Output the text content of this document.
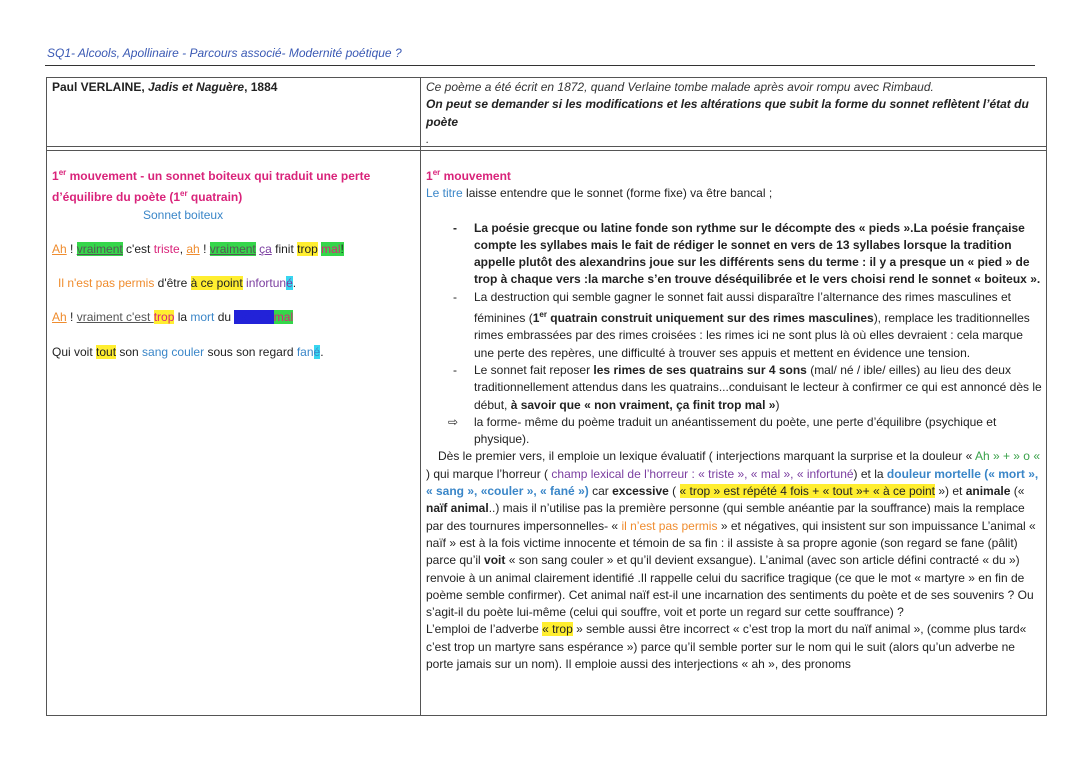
SQ1- Alcools, Apollinaire - Parcours associé- Modernité poétique ?
Paul VERLAINE, Jadis et Naguère, 1884	Ce poème a été écrit en 1872, quand Verlaine tombe malade après avoir rompu avec Rimbaud.
On peut se demander si les modifications et les altérations que subit la forme du sonnet reflètent l’état du poète
.
1er mouvement - un sonnet boiteux qui traduit une perte d’équilibre du poète (1er quatrain)
Sonnet boiteux

Ah ! vraiment c'est triste, ah ! vraiment ça finit trop mal!

Il n'est pas permis d'être à ce point infortuné.

Ah ! vraiment c'est trop la mort du naïf animal

Qui voit tout son sang couler sous son regard fané.

1er mouvement
Le titre laisse entendre que le sonnet (forme fixe) va être bancal ;
- La poésie grecque ou latine fonde son rythme sur le décompte des « pieds ».La poésie française compte les syllabes mais le fait de rédiger le sonnet en vers de 13 syllabes lorsque la tradition appelle plutôt des alexandrins joue sur les différents sens du terme : il y a presque un « pied » de trop à chaque vers :la marche s’en trouve déséquilibrée et le vers choisi rend le sonnet « boiteux ».
- La destruction qui semble gagner le sonnet fait aussi disparaître l’alternance des rimes masculines et féminines (1er quatrain construit uniquement sur des rimes masculines), remplace les traditionnelles rimes embrassées par des rimes croisées : les rimes ici ne sont plus là où elles devraient : cela marque une perte des repères, une difficulté à trouver ses appuis et mettent en évidence une tension.
- Le sonnet fait reposer les rimes de ses quatrains sur 4 sons (mal/ né / ible/ eilles) au lieu des deux traditionnellement attendus dans les quatrains...conduisant le lecteur à confirmer ce qui est annoncé dès le début, à savoir que « non vraiment, ça finit trop mal »)
⇨ la forme- même du poème traduit un anéantissement du poète, une perte d’équilibre (psychique et physique).
Dès le premier vers, il emploie un lexique évaluatif ( interjections marquant la surprise et la douleur « Ah » + » o « ) qui marque l’horreur ( champ lexical de l’horreur : « triste », « mal », « infortuné) et la douleur mortelle (« mort », « sang », «couler », « fané ») car excessive ( « trop » est répété 4 fois + « tout »+ « à ce point ») et animale (« naïf animal..) mais il n’utilise pas la première personne (qui semble anéantie par la souffrance) mais la remplace par des tournures impersonnelles- « il n’est pas permis » et négatives, qui insistent sur son impuissance L’animal « naïf » est à la fois victime innocente et témoin de sa fin : il assiste à sa propre agonie (son regard se fane (pâlit) parce qu’il voit « son sang couler » et qu’il devient exsangue). L’animal (avec son article défini contracté « du ») renvoie à un animal clairement identifié .Il rappelle celui du sacrifice tragique (ce que le mot « martyre » en fin de poème semble confirmer). Cet animal naïf est-il une incarnation des sentiments du poète et de ses souvenirs ? Ou s’agit-il du poète lui-même (celui qui souffre, voit et porte un regard sur cette souffrance) ?
L’emploi de l’adverbe « trop » semble aussi être incorrect « c’est trop la mort du naïf animal », (comme plus tard« c’est trop un martyre sans espérance ») parce qu’il semble porter sur le nom qui le suit (alors qu’un adverbe ne porte jamais sur un nom). Il emploie aussi des interjections « ah », des pronoms
